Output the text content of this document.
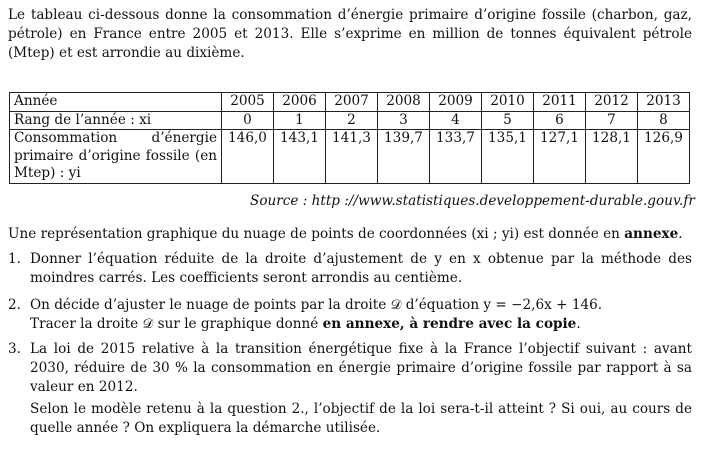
Le tableau ci-dessous donne la consommation d’énergie primaire d’origine fossile (charbon, gaz, pétrole) en France entre 2005 et 2013. Elle s’exprime en million de tonnes équivalent pétrole (Mtep) et est arrondie au dixième.
Année	2005	2006	2007	2008	2009	2010	2011	2012	2013
Rang de l’année : xi	0	1	2	3	4	5	6	7	8
Consommation d’énergie primaire d’origine fossile (en Mtep) : yi	146,0	143,1	141,3	139,7	133,7	135,1	127,1	128,1	126,9
Source : http ://www.statistiques.developpement-durable.gouv.fr
Une représentation graphique du nuage de points de coordonnées (xi ; yi) est donnée en annexe.
1. Donner l’équation réduite de la droite d’ajustement de y en x obtenue par la méthode des moindres carrés. Les coefficients seront arrondis au centième.
2. On décide d’ajuster le nuage de points par la droite 𝒟 d’équation y = −2,6x + 146.

Tracer la droite 𝒟 sur le graphique donné en annexe, à rendre avec la copie.

3. La loi de 2015 relative à la transition énergétique fixe à la France l’objectif suivant : avant 2030, réduire de 30 % la consommation en énergie primaire d’origine fossile par rapport à sa valeur en 2012.

Selon le modèle retenu à la question 2., l’objectif de la loi sera-t-il atteint ? Si oui, au cours de quelle année ? On expliquera la démarche utilisée.
